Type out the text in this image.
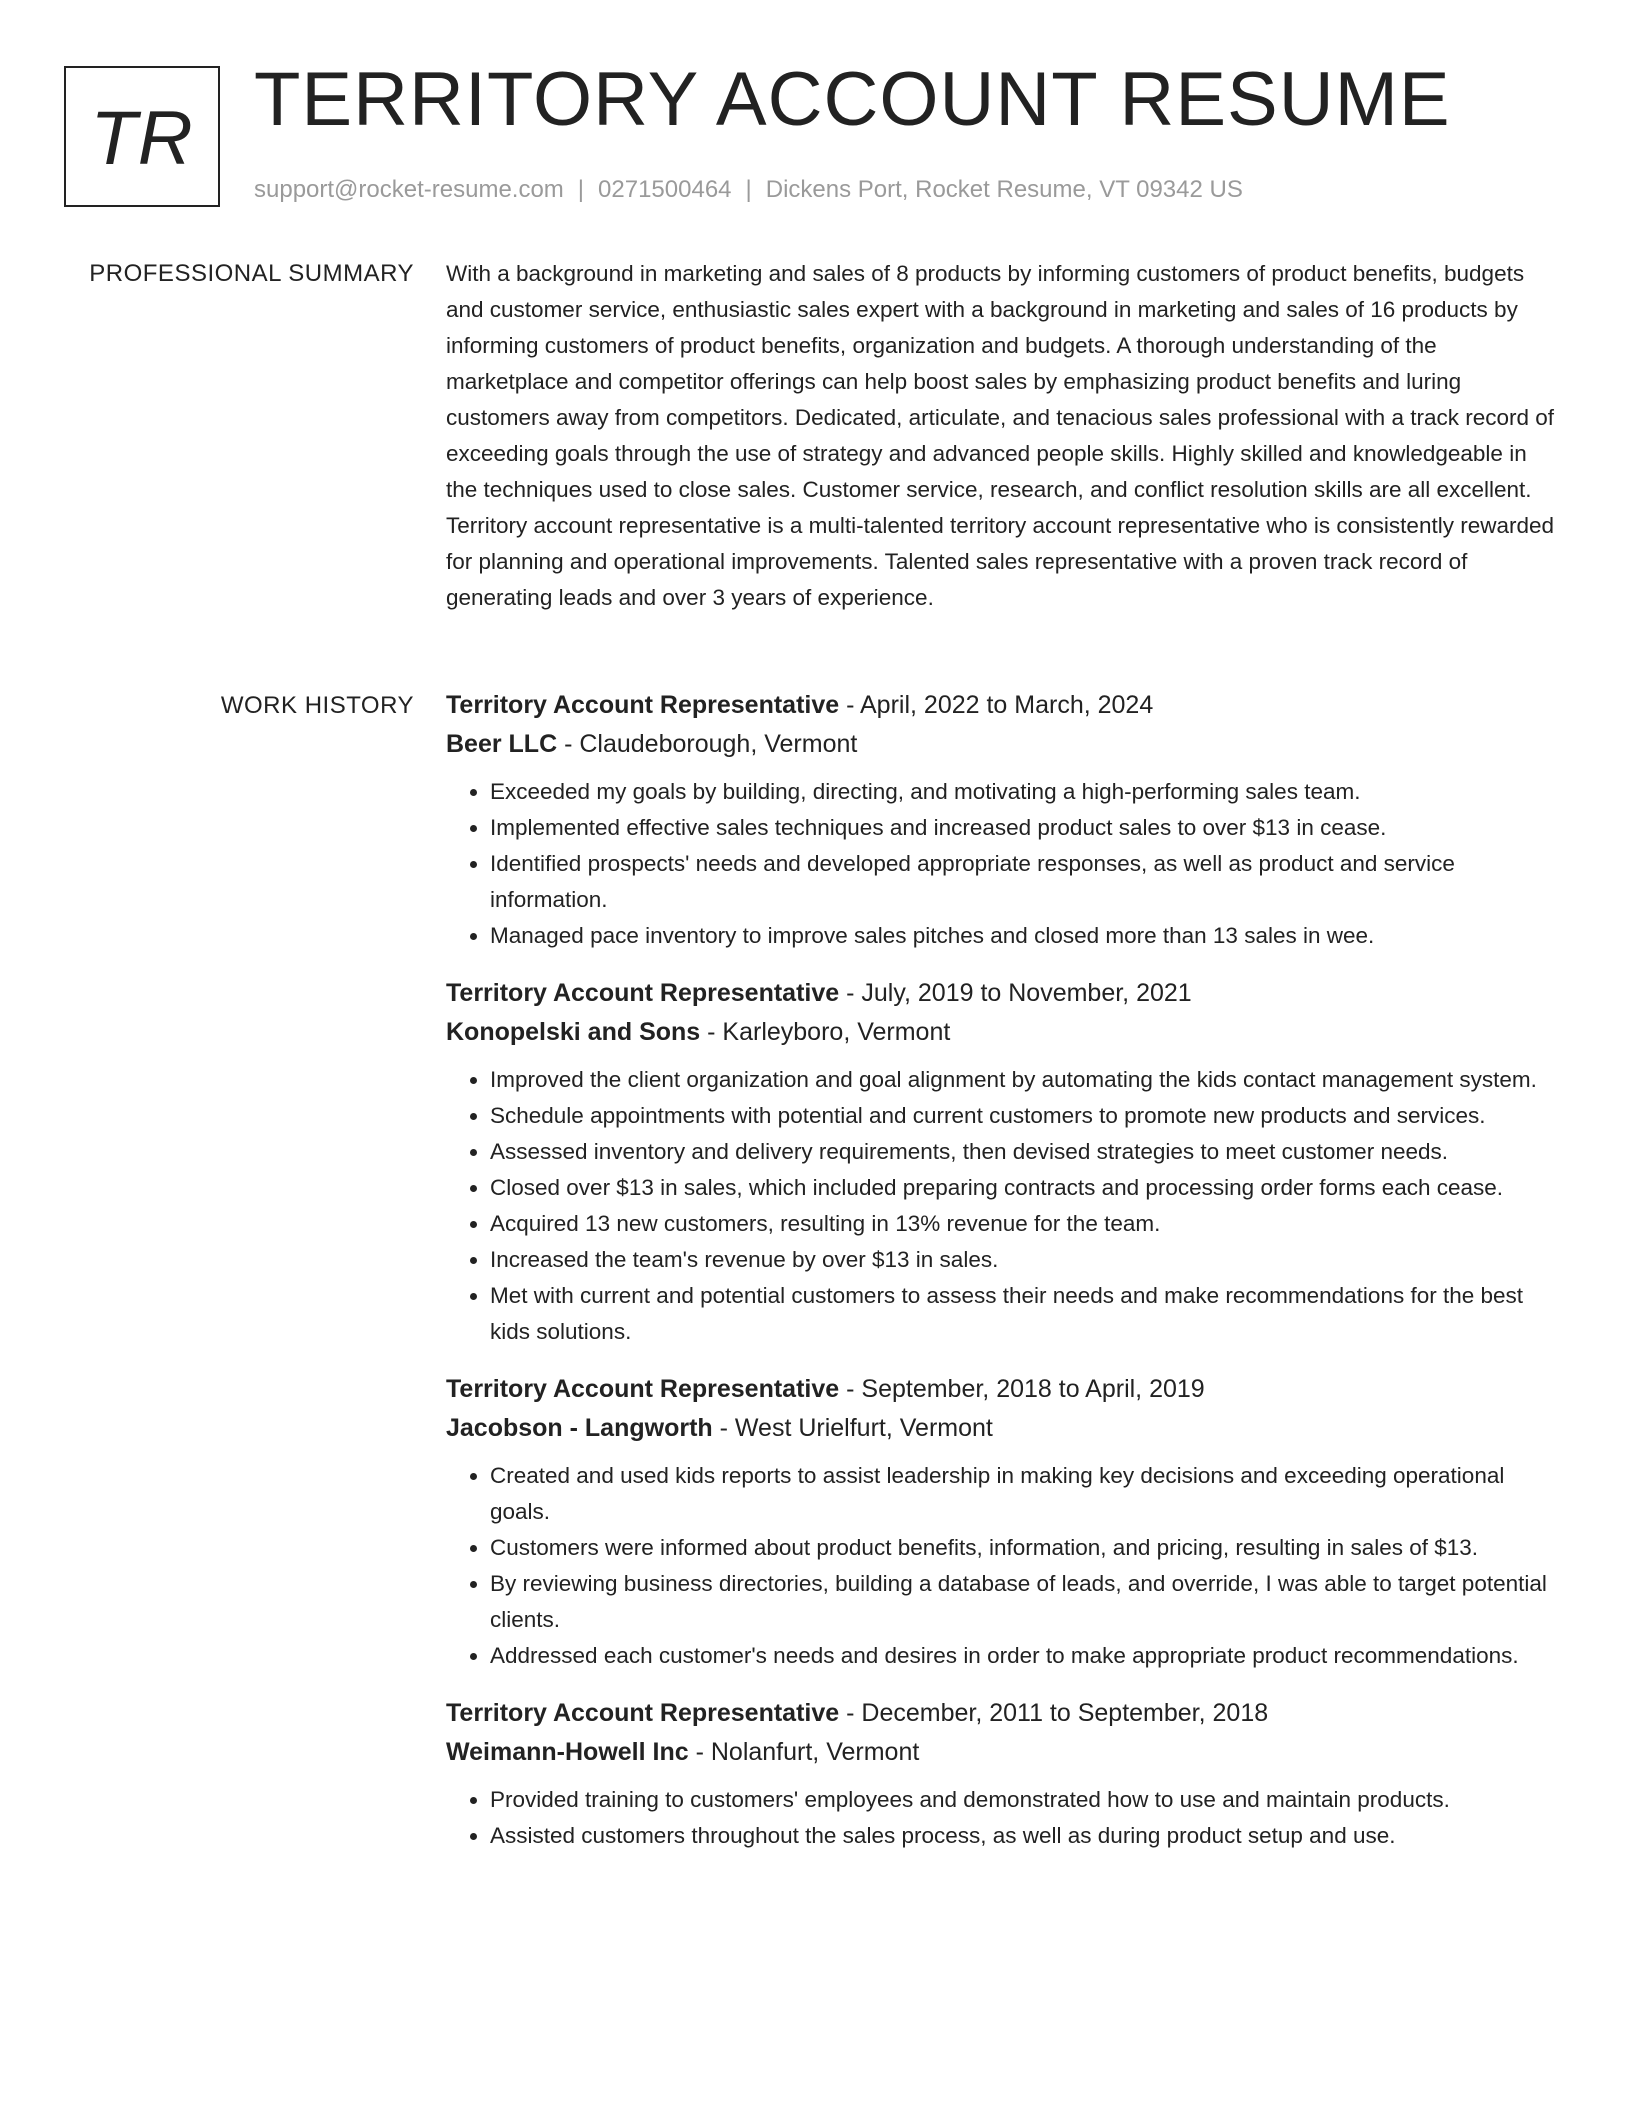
TR TERRITORY ACCOUNT RESUME
support@rocket-resume.com | 0271500464 | Dickens Port, Rocket Resume, VT 09342 US
PROFESSIONAL SUMMARY With a background in marketing and sales of 8 products by informing customers of product benefits, budgets and customer service, enthusiastic sales expert with a background in marketing and sales of 16 products by informing customers of product benefits, organization and budgets. A thorough understanding of the marketplace and competitor offerings can help boost sales by emphasizing product benefits and luring customers away from competitors. Dedicated, articulate, and tenacious sales professional with a track record of exceeding goals through the use of strategy and advanced people skills. Highly skilled and knowledgeable in the techniques used to close sales. Customer service, research, and conflict resolution skills are all excellent. Territory account representative is a multi-talented territory account representative who is consistently rewarded for planning and operational improvements. Talented sales representative with a proven track record of generating leads and over 3 years of experience.

WORK HISTORY Territory Account Representative - April, 2022 to March, 2024
Beer LLC - Claudeborough, Vermont
• Exceeded my goals by building, directing, and motivating a high-performing sales team.
• Implemented effective sales techniques and increased product sales to over $13 in cease.
• Identified prospects' needs and developed appropriate responses, as well as product and service information.
• Managed pace inventory to improve sales pitches and closed more than 13 sales in wee.
Territory Account Representative - July, 2019 to November, 2021
Konopelski and Sons - Karleyboro, Vermont
• Improved the client organization and goal alignment by automating the kids contact management system.
• Schedule appointments with potential and current customers to promote new products and services.
• Assessed inventory and delivery requirements, then devised strategies to meet customer needs.
• Closed over $13 in sales, which included preparing contracts and processing order forms each cease.
• Acquired 13 new customers, resulting in 13% revenue for the team.
• Increased the team's revenue by over $13 in sales.
• Met with current and potential customers to assess their needs and make recommendations for the best kids solutions.
Territory Account Representative - September, 2018 to April, 2019
Jacobson - Langworth - West Urielfurt, Vermont
• Created and used kids reports to assist leadership in making key decisions and exceeding operational goals.
• Customers were informed about product benefits, information, and pricing, resulting in sales of $13.
• By reviewing business directories, building a database of leads, and override, I was able to target potential clients.
• Addressed each customer's needs and desires in order to make appropriate product recommendations.
Territory Account Representative - December, 2011 to September, 2018
Weimann-Howell Inc - Nolanfurt, Vermont
• Provided training to customers' employees and demonstrated how to use and maintain products.
• Assisted customers throughout the sales process, as well as during product setup and use.
